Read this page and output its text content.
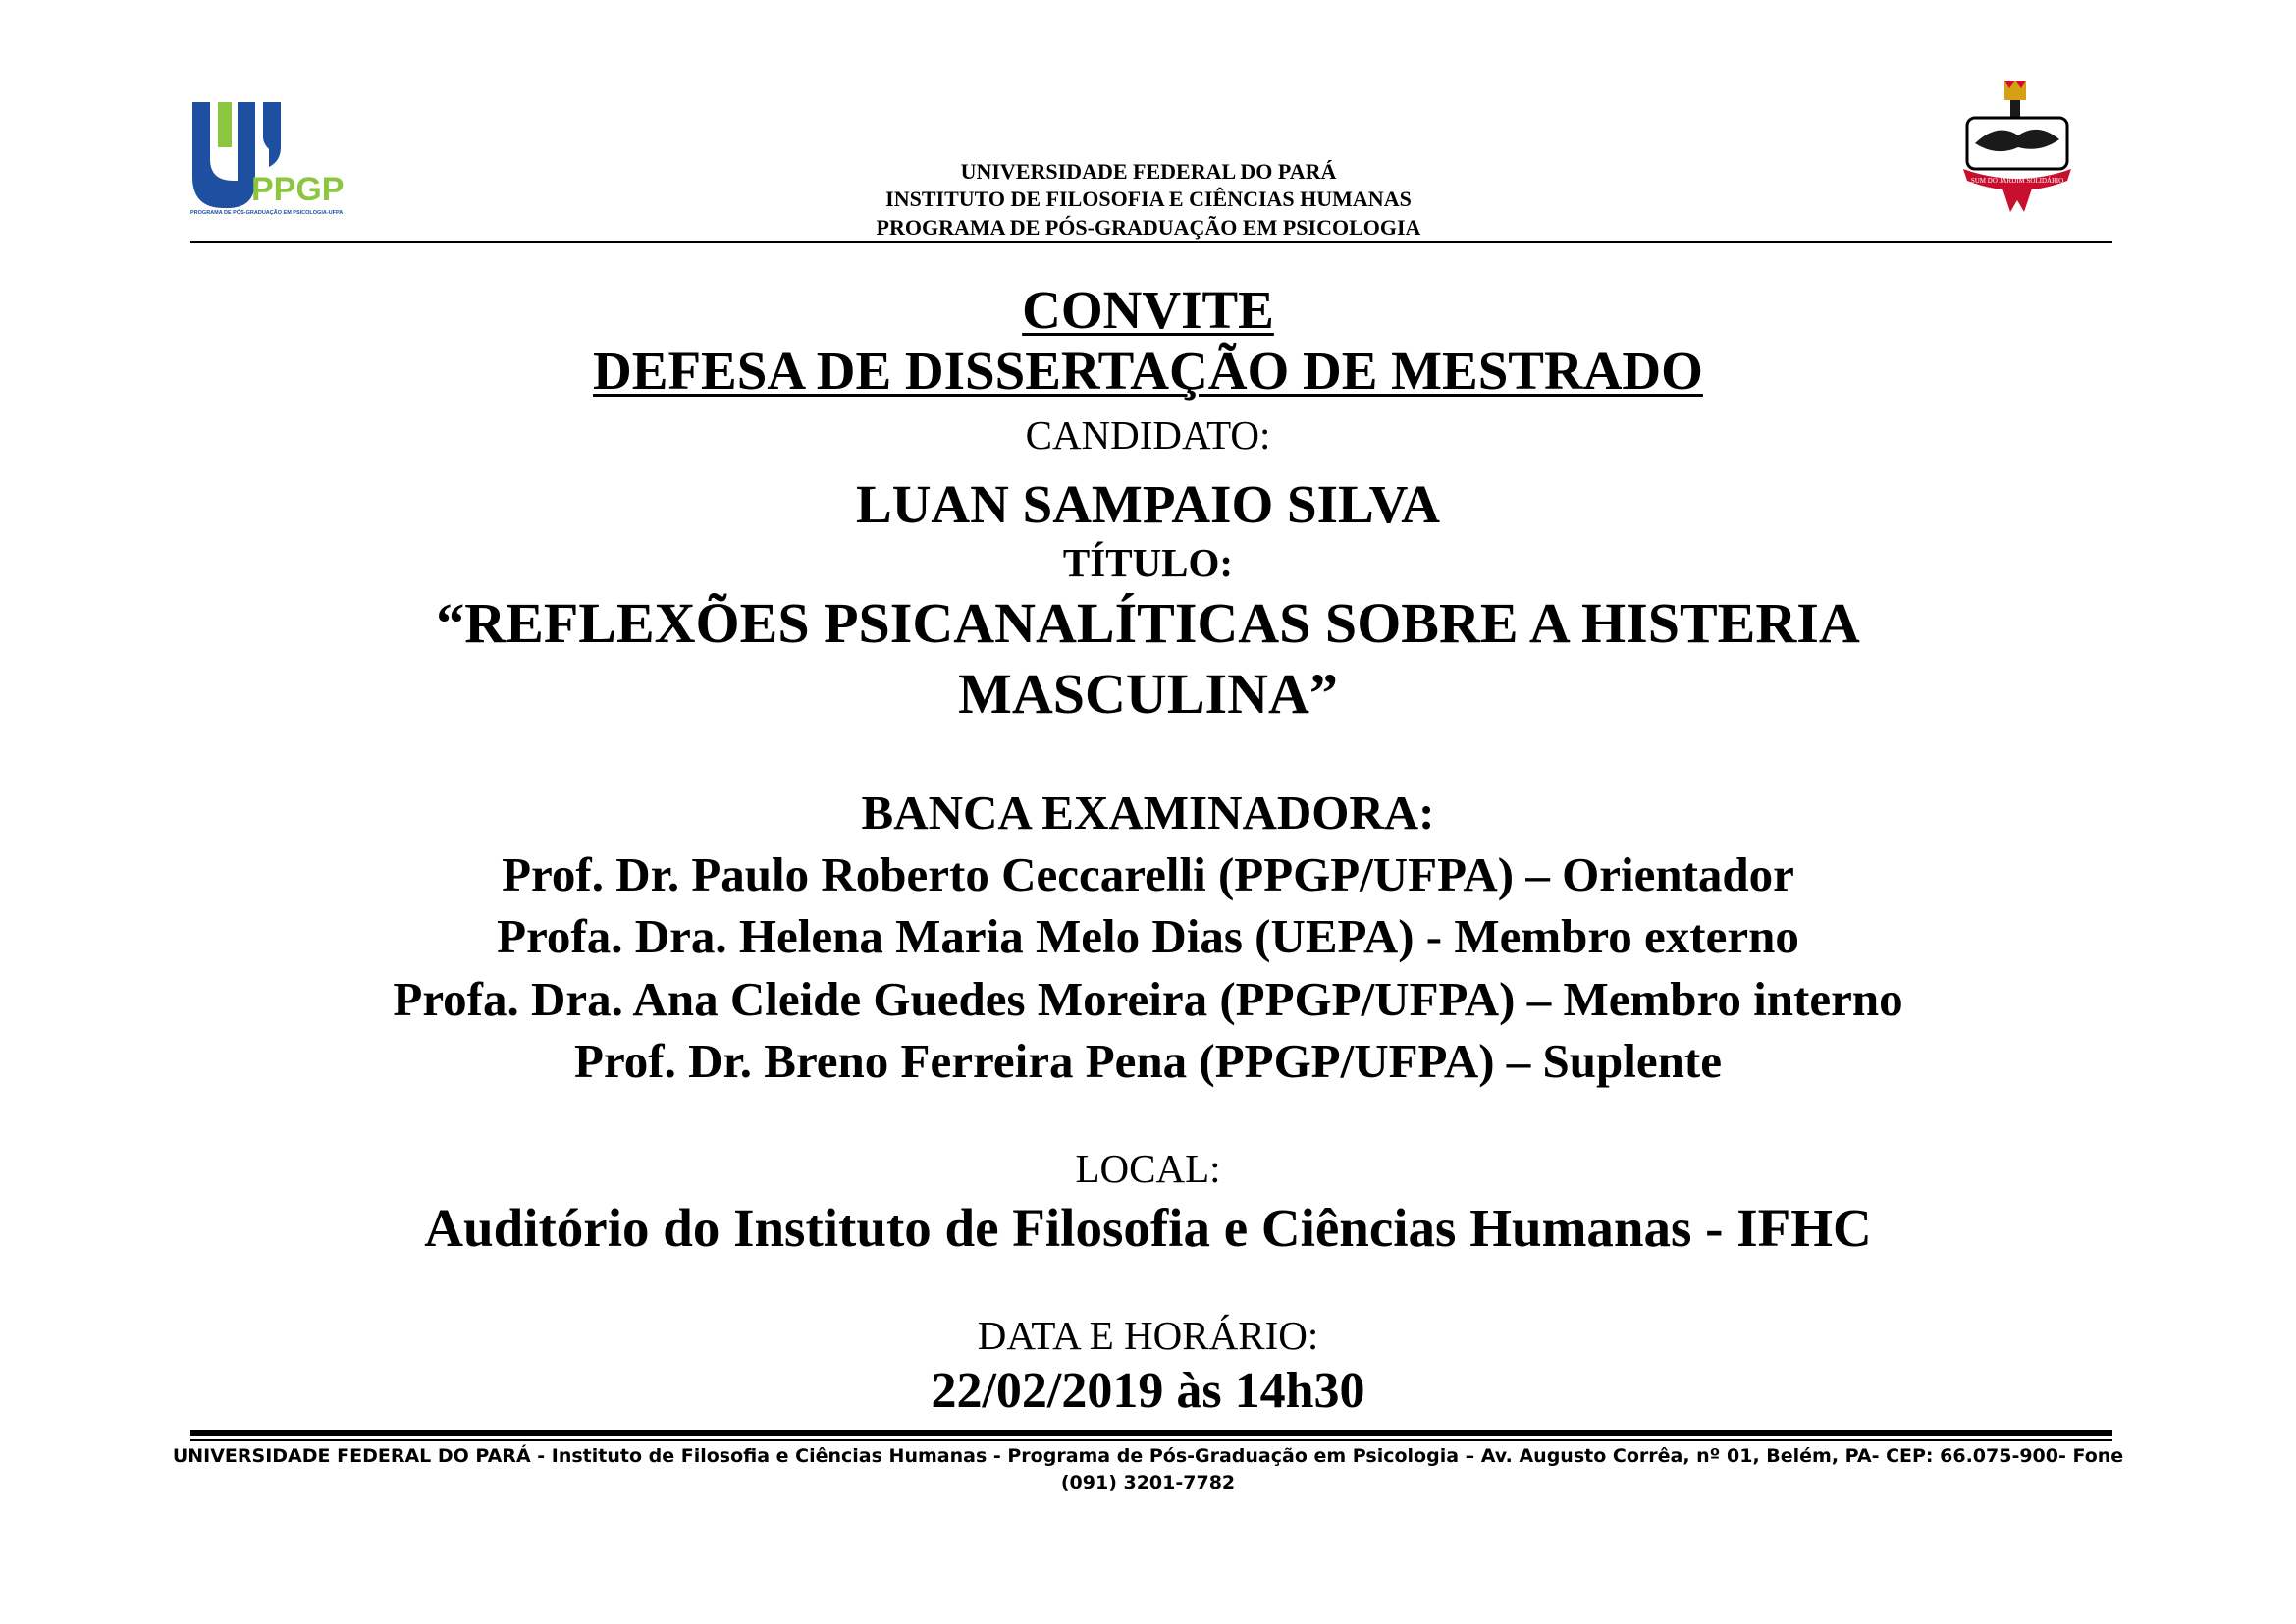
PPGP
PROGRAMA DE PÓS-GRADUAÇÃO EM PSICOLOGIA-UFPA
SUM DO JARDIM SOLIDÁRIO
UNIVERSIDADE FEDERAL DO PARÁ
INSTITUTO DE FILOSOFIA E CIÊNCIAS HUMANAS
PROGRAMA DE PÓS-GRADUAÇÃO EM PSICOLOGIA
CONVITE
DEFESA DE DISSERTAÇÃO DE MESTRADO
CANDIDATO:
LUAN SAMPAIO SILVA
TÍTULO:
“REFLEXÕES PSICANALÍTICAS SOBRE A HISTERIA
MASCULINA”
BANCA EXAMINADORA:
Prof. Dr. Paulo Roberto Ceccarelli (PPGP/UFPA) – Orientador
Profa. Dra. Helena Maria Melo Dias (UEPA) - Membro externo
Profa. Dra. Ana Cleide Guedes Moreira (PPGP/UFPA) – Membro interno
Prof. Dr. Breno Ferreira Pena (PPGP/UFPA) – Suplente
LOCAL:
Auditório do Instituto de Filosofia e Ciências Humanas - IFHC
DATA E HORÁRIO:
22/02/2019 às 14h30
UNIVERSIDADE FEDERAL DO PARÁ - Instituto de Filosofia e Ciências Humanas - Programa de Pós-Graduação em Psicologia – Av. Augusto Corrêa, nº 01, Belém, PA- CEP: 66.075-900- Fone
(091) 3201-7782
